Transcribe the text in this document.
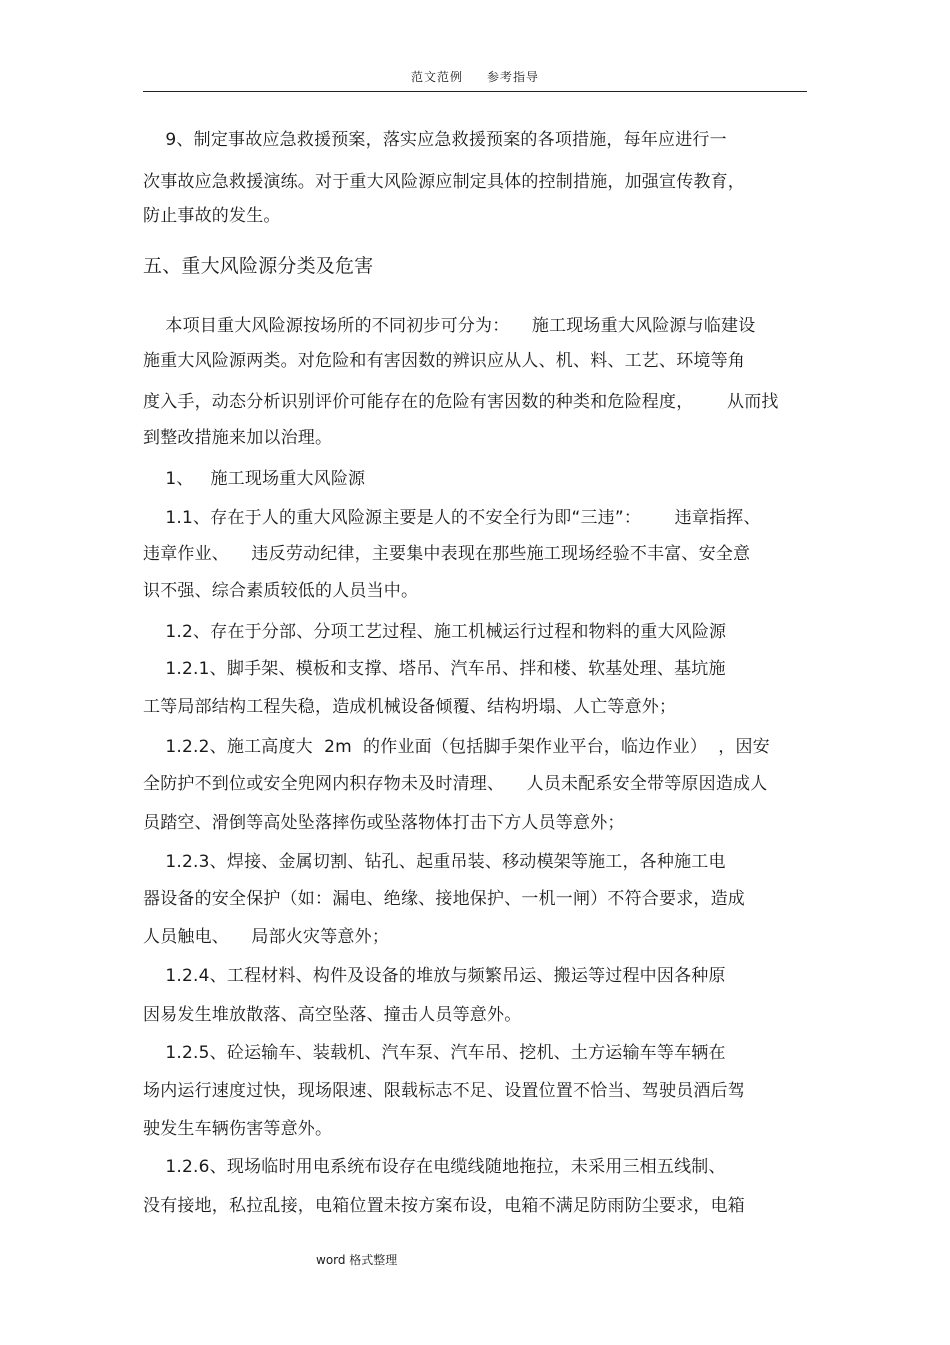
范文范例 参考指导
9、制定事故应急救援预案，落实应急救援预案的各项措施，每年应进行一
次事故应急救援演练。对于重大风险源应制定具体的控制措施，加强宣传教育，
防止事故的发生。
五、重大风险源分类及危害
本项目重大风险源按场所的不同初步可分为：    施工现场重大风险源与临建设
施重大风险源两类。对危险和有害因数的辨识应从人、机、料、工艺、环境等角
度入手，动态分析识别评价可能存在的危险有害因数的种类和危险程度，      从而找
到整改措施来加以治理。
1、   施工现场重大风险源
1.1、存在于人的重大风险源主要是人的不安全行为即“三违”：      违章指挥、
违章作业、    违反劳动纪律，主要集中表现在那些施工现场经验不丰富、安全意
识不强、综合素质较低的人员当中。
1.2、存在于分部、分项工艺过程、施工机械运行过程和物料的重大风险源
1.2.1、脚手架、模板和支撑、塔吊、汽车吊、拌和楼、软基处理、基坑施
工等局部结构工程失稳，造成机械设备倾覆、结构坍塌、人亡等意外；
1.2.2、施工高度大  2m  的作业面（包括脚手架作业平台，临边作业）  ，因安
全防护不到位或安全兜网内积存物未及时清理、    人员未配系安全带等原因造成人
员踏空、滑倒等高处坠落摔伤或坠落物体打击下方人员等意外；
1.2.3、焊接、金属切割、钻孔、起重吊装、移动模架等施工，各种施工电
器设备的安全保护（如：漏电、绝缘、接地保护、一机一闸）不符合要求，造成
人员触电、    局部火灾等意外；
1.2.4、工程材料、构件及设备的堆放与频繁吊运、搬运等过程中因各种原
因易发生堆放散落、高空坠落、撞击人员等意外。
1.2.5、砼运输车、装载机、汽车泵、汽车吊、挖机、土方运输车等车辆在
场内运行速度过快，现场限速、限载标志不足、设置位置不恰当、驾驶员酒后驾
驶发生车辆伤害等意外。
1.2.6、现场临时用电系统布设存在电缆线随地拖拉，未采用三相五线制、
没有接地，私拉乱接，电箱位置未按方案布设，电箱不满足防雨防尘要求，电箱
word 格式整理
